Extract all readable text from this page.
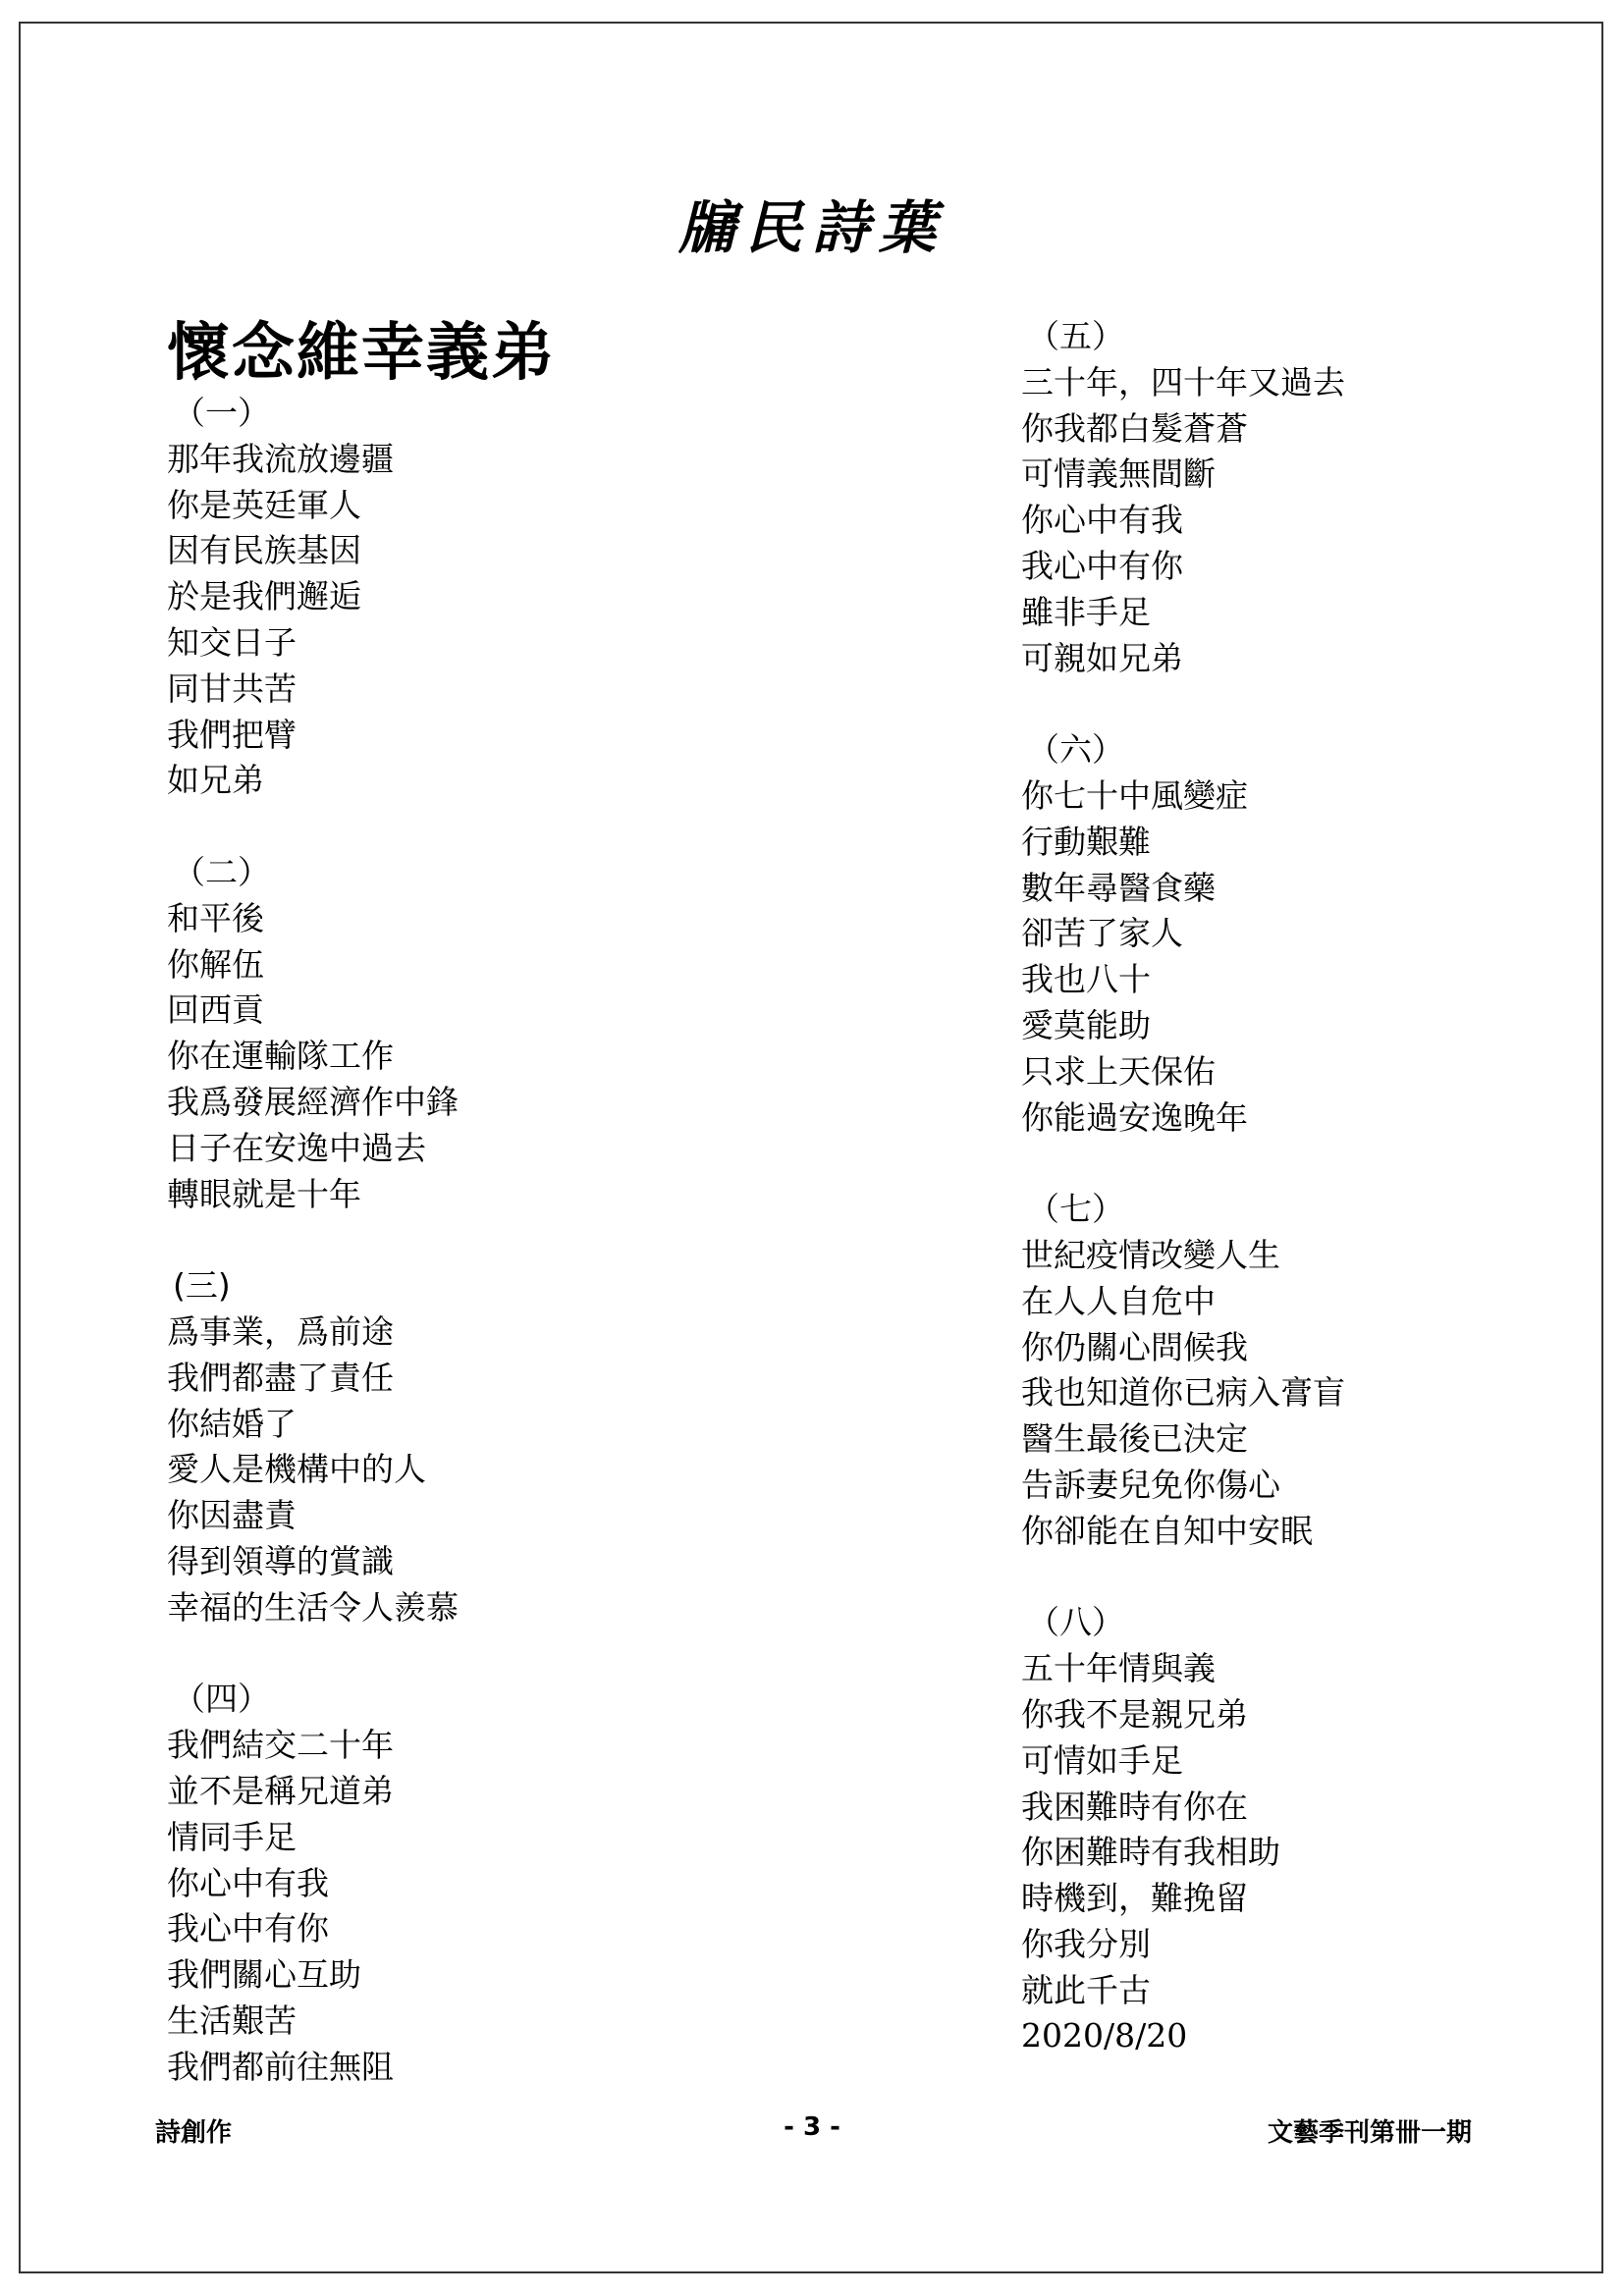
牖民詩葉
懷念維幸義弟
（一）
那年我流放邊疆
你是英廷軍人
因有民族基因
於是我們邂逅
知交日子
同甘共苦
我們把臂
如兄弟
（二）
和平後
你解伍
回西貢
你在運輸隊工作
我爲發展經濟作中鋒
日子在安逸中過去
轉眼就是十年
(三)
爲事業，爲前途
我們都盡了責任
你結婚了
愛人是機構中的人
你因盡責
得到領導的賞識
幸福的生活令人羨慕
（四）
我們結交二十年
並不是稱兄道弟
情同手足
你心中有我
我心中有你
我們關心互助
生活艱苦
我們都前往無阻
（五）
三十年，四十年又過去
你我都白髮蒼蒼
可情義無間斷
你心中有我
我心中有你
雖非手足
可親如兄弟
（六）
你七十中風變症
行動艱難
數年尋醫食藥
卻苦了家人
我也八十
愛莫能助
只求上天保佑
你能過安逸晚年
（七）
世紀疫情改變人生
在人人自危中
你仍關心問候我
我也知道你已病入膏盲
醫生最後已決定
告訴妻兒免你傷心
你卻能在自知中安眠
（八）
五十年情與義
你我不是親兄弟
可情如手足
我困難時有你在
你困難時有我相助
時機到，難挽留
你我分別
就此千古
2020/8/20
詩創作	- 3 -	文藝季刊第卌一期
